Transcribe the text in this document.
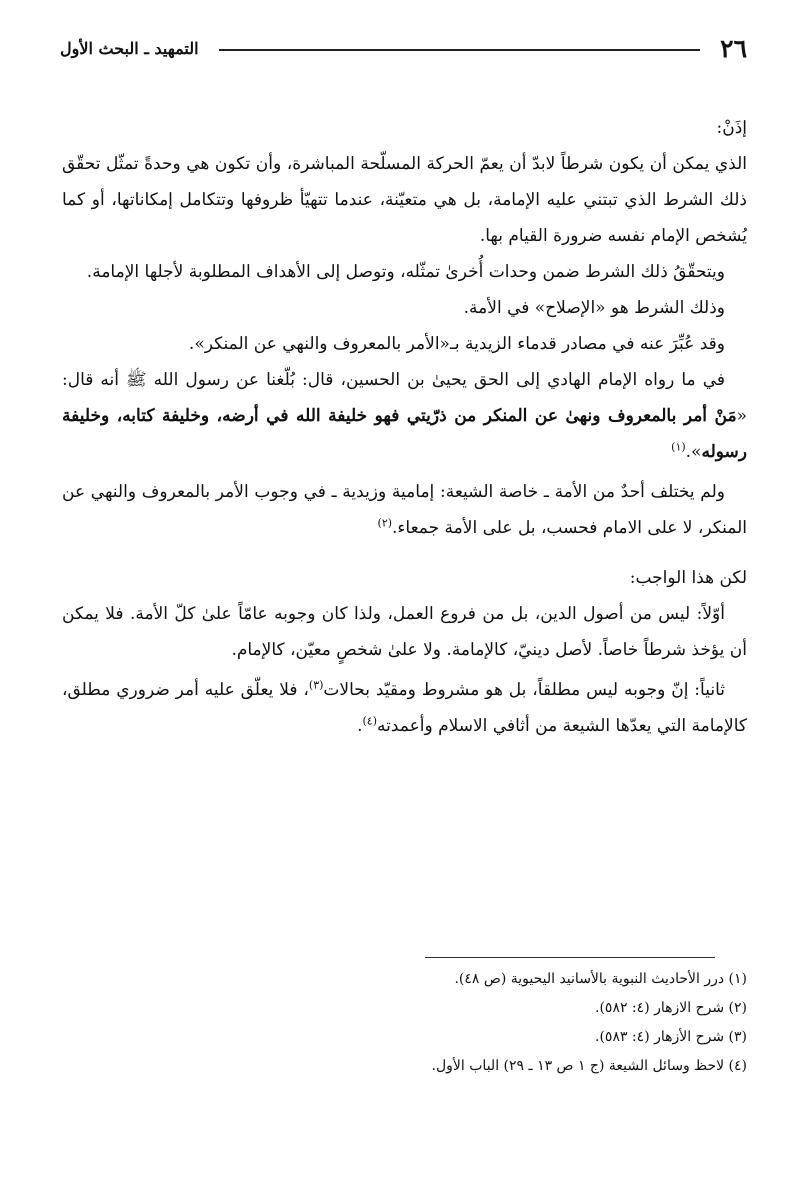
٢٦
التمهيد ـ البحث الأول

إذَنْ:

الذي يمكن أن يكون شرطاً لابدّ أن يعمّ الحركة المسلّحة المباشرة، وأن تكون هي وحدةً تمثّل تحقّق ذلك الشرط الذي تبتني عليه الإمامة، بل هي متعيّنة، عندما تتهيّأ ظروفها وتتكامل إمكاناتها، أو كما يُشخص الإمام نفسه ضرورة القيام بها.

ويتحقّقُ ذلك الشرط ضمن وحدات أُخرىٰ تمثّله، وتوصل إلى الأهداف المطلوبة لأجلها الإمامة.

وذلك الشرط هو «الإصلاح» في الأمة.

وقد عُبِّرَ عنه في مصادر قدماء الزيدية بـ«الأمر بالمعروف والنهي عن المنكر».

في ما رواه الإمام الهادي إلى الحق يحيىٰ بن الحسين، قال: بُلّغنا عن رسول الله ﷺ أنه قال: «مَنْ أمر بالمعروف ونهىٰ عن المنكر من ذرّيتي فهو خليفة الله في أرضه، وخليفة كتابه، وخليفة رسوله».$^{(١)}$

ولم يختلف أحدٌ من الأمة ـ خاصة الشيعة: إمامية وزيدية ـ في وجوب الأمر بالمعروف والنهي عن المنكر، لا على الامام فحسب، بل على الأمة جمعاء.$^{(٢)}$

لكن هذا الواجب:

أوّلاً: ليس من أصول الدين، بل من فروع العمل، ولذا كان وجوبه عامّاً علىٰ كلّ الأمة. فلا يمكن أن يؤخذ شرطاً خاصاً. لأصل دينيّ، كالإمامة. ولا علىٰ شخصٍ معيّن، كالإمام.

ثانياً: إنّ وجوبه ليس مطلقاً، بل هو مشروط ومقيّد بحالات$^{(٣)}$، فلا يعلّق عليه أمر ضروري مطلق، كالإمامة التي يعدّها الشيعة من أثافي الاسلام وأعمدته$^{(٤)}$.

(١) درر الأحاديث النبوية بالأسانيد اليحيوية (ص ٤٨).

(٢) شرح الازهار (٤: ٥٨٢).

(٣) شرح الأزهار (٤: ٥٨٣).

(٤) لاحظ وسائل الشيعة (ج ١ ص ١٣ ـ ٢٩) الباب الأول.
